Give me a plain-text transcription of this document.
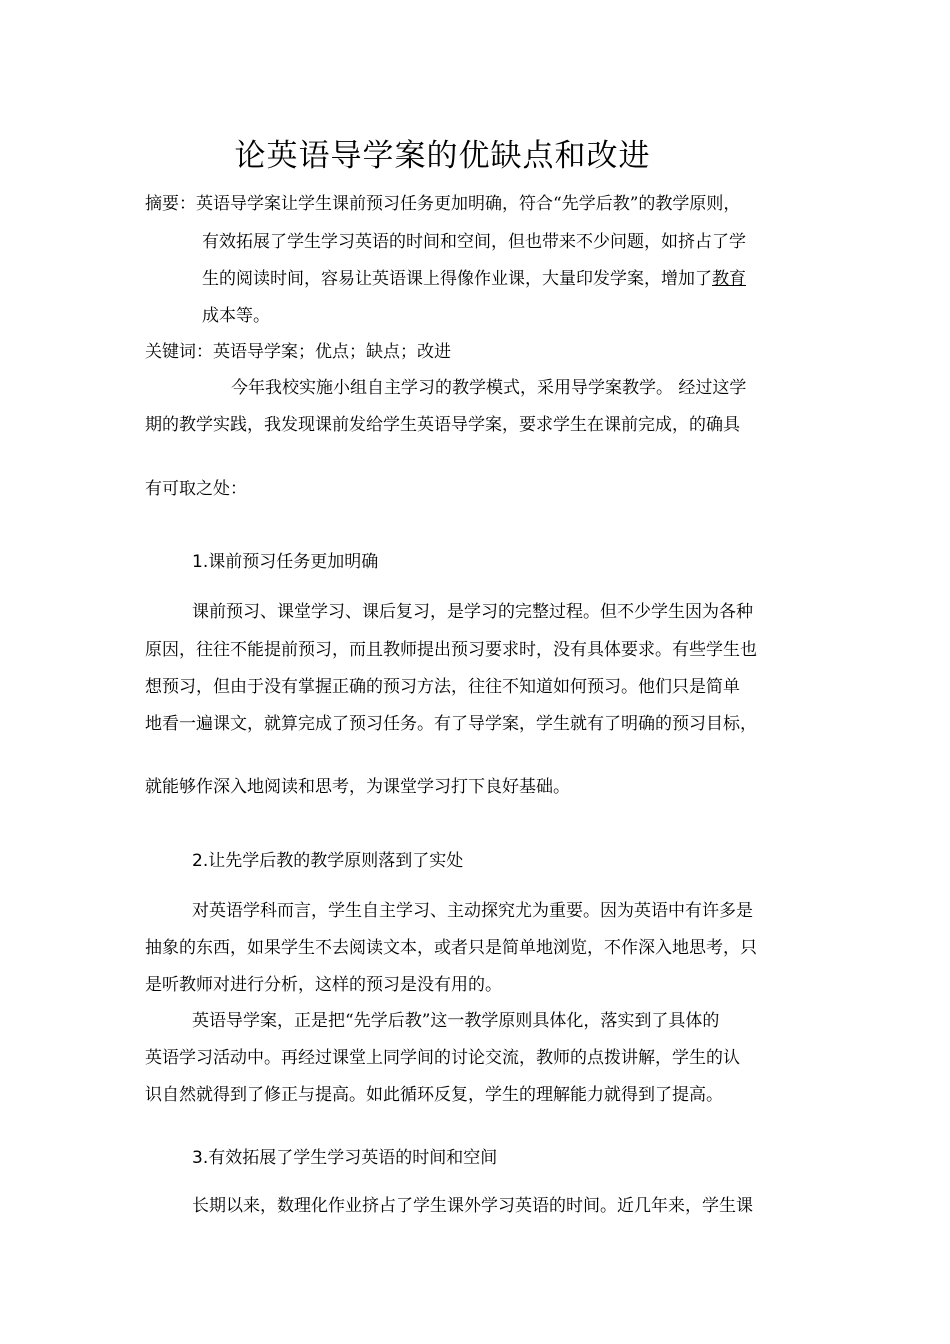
论英语导学案的优缺点和改进
摘要：英语导学案让学生课前预习任务更加明确，符合“先学后教”的教学原则，
有效拓展了学生学习英语的时间和空间，但也带来不少问题，如挤占了学
生的阅读时间，容易让英语课上得像作业课，大量印发学案，增加了教育
成本等。
关键词：英语导学案；优点；缺点；改进
今年我校实施小组自主学习的教学模式，采用导学案教学。 经过这学
期的教学实践，我发现课前发给学生英语导学案，要求学生在课前完成，的确具
有可取之处：
1.课前预习任务更加明确
课前预习、课堂学习、课后复习，是学习的完整过程。但不少学生因为各种
原因，往往不能提前预习，而且教师提出预习要求时，没有具体要求。有些学生也
想预习，但由于没有掌握正确的预习方法，往往不知道如何预习。他们只是简单
地看一遍课文，就算完成了预习任务。有了导学案，学生就有了明确的预习目标，
就能够作深入地阅读和思考，为课堂学习打下良好基础。
2.让先学后教的教学原则落到了实处
对英语学科而言，学生自主学习、主动探究尤为重要。因为英语中有许多是
抽象的东西，如果学生不去阅读文本，或者只是简单地浏览，不作深入地思考，只
是听教师对进行分析，这样的预习是没有用的。
英语导学案，正是把“先学后教”这一教学原则具体化，落实到了具体的
英语学习活动中。再经过课堂上同学间的讨论交流，教师的点拨讲解，学生的认
识自然就得到了修正与提高。如此循环反复，学生的理解能力就得到了提高。
3.有效拓展了学生学习英语的时间和空间
长期以来，数理化作业挤占了学生课外学习英语的时间。近几年来，学生课
